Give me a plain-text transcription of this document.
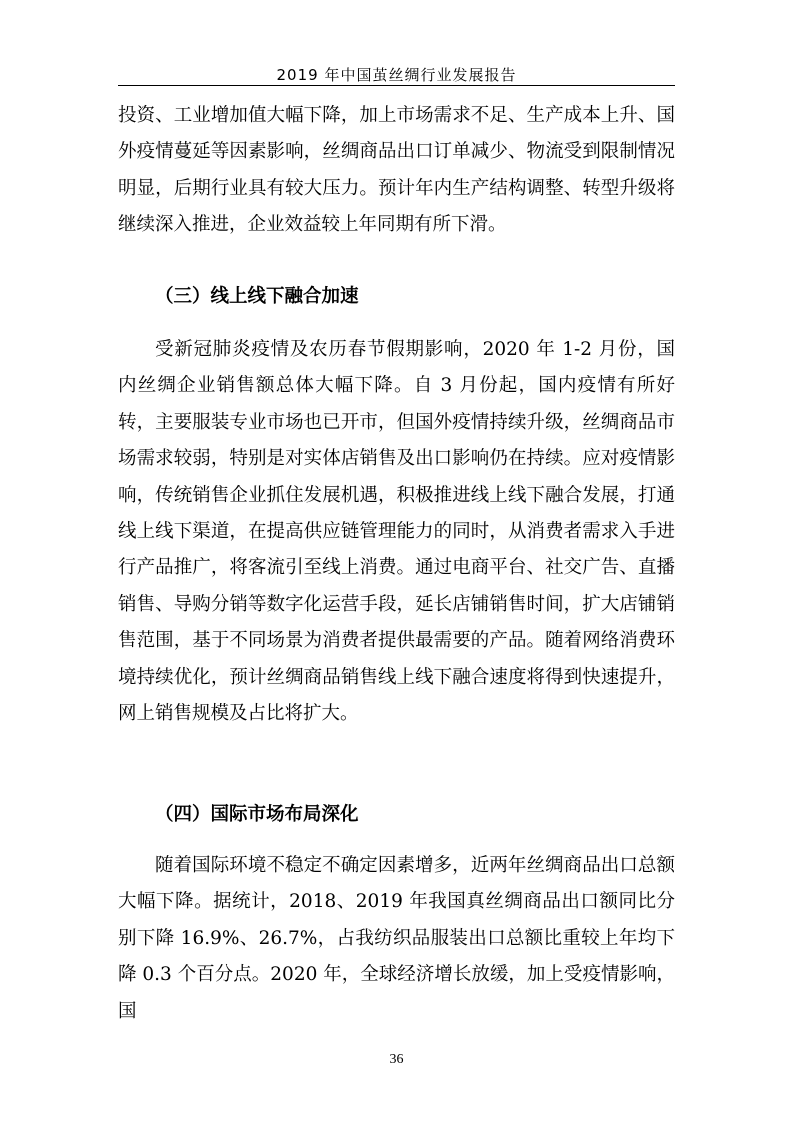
2019 年中国茧丝绸行业发展报告

投资、工业增加值大幅下降，加上市场需求不足、生产成本上升、国外疫情蔓延等因素影响，丝绸商品出口订单减少、物流受到限制情况明显，后期行业具有较大压力。预计年内生产结构调整、转型升级将继续深入推进，企业效益较上年同期有所下滑。

（三）线上线下融合加速

受新冠肺炎疫情及农历春节假期影响，2020 年 1-2 月份，国内丝绸企业销售额总体大幅下降。自 3 月份起，国内疫情有所好转，主要服装专业市场也已开市，但国外疫情持续升级，丝绸商品市场需求较弱，特别是对实体店销售及出口影响仍在持续。应对疫情影响，传统销售企业抓住发展机遇，积极推进线上线下融合发展，打通线上线下渠道，在提高供应链管理能力的同时，从消费者需求入手进行产品推广，将客流引至线上消费。通过电商平台、社交广告、直播销售、导购分销等数字化运营手段，延长店铺销售时间，扩大店铺销售范围，基于不同场景为消费者提供最需要的产品。随着网络消费环境持续优化，预计丝绸商品销售线上线下融合速度将得到快速提升，网上销售规模及占比将扩大。

（四）国际市场布局深化

随着国际环境不稳定不确定因素增多，近两年丝绸商品出口总额大幅下降。据统计，2018、2019 年我国真丝绸商品出口额同比分别下降 16.9%、26.7%，占我纺织品服装出口总额比重较上年均下降 0.3 个百分点。2020 年，全球经济增长放缓，加上受疫情影响，国

36
